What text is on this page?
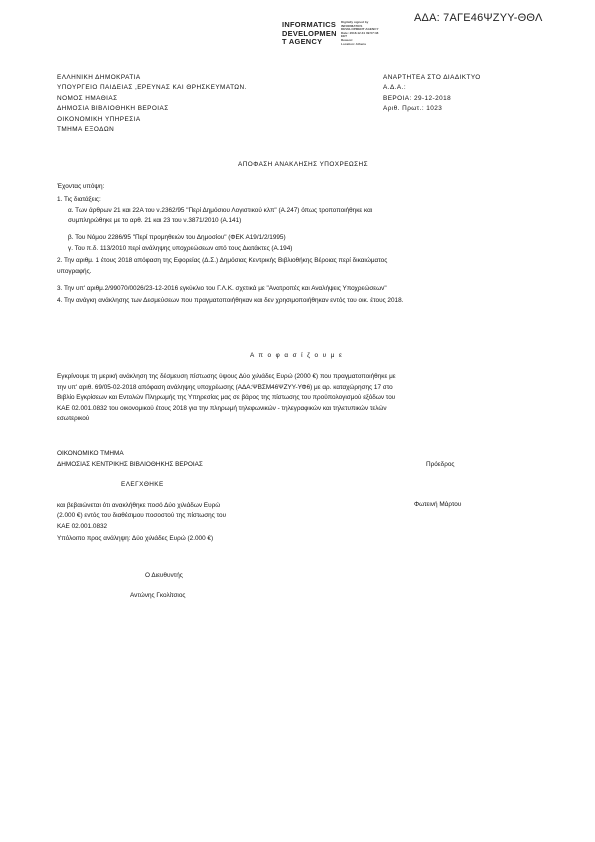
ΑΔΑ: 7ΑΓΕ46ΨΖΥΥ-ΘΘΛ
INFORMATICS
DEVELOPMEN
T AGENCY
Digitally signed by
INFORMATICS
DEVELOPMENT AGENCY
Date: 2018.12.31 09:57:48
EET
Reason:
Location: Athens
ΕΛΛΗΝΙΚΗ ΔΗΜΟΚΡΑΤΙΑ
ΥΠΟΥΡΓΕΙΟ ΠΑΙΔΕΙΑΣ ,ΕΡΕΥΝΑΣ ΚΑΙ ΘΡΗΣΚΕΥΜΑΤΩΝ.
ΝΟΜΟΣ ΗΜΑΘΙΑΣ
ΔΗΜΟΣΙΑ ΒΙΒΛΙΟΘΗΚΗ ΒΕΡΟΙΑΣ
ΟΙΚΟΝΟΜΙΚΗ ΥΠΗΡΕΣΙΑ
ΤΜΗΜΑ ΕΞΟΔΩΝ
ΑΝΑΡΤΗΤΕΑ ΣΤΟ ΔΙΑΔΙΚΤΥΟ
Α.Δ.Α.:
ΒΕΡΟΙΑ: 29-12-2018
Αριθ. Πρωτ.: 1023
ΑΠΟΦΑΣΗ ΑΝΑΚΛΗΣΗΣ ΥΠΟΧΡΕΩΣΗΣ
Έχοντας υπόψη:
1. Τις διατάξεις:
α. Των άρθρων 21 και 22Α του ν.2362/95 "Περί Δημόσιου Λογιστικού κλπ" (Α.247) όπως τροποποιήθηκε και
συμπληρώθηκε με το αρθ. 21 και 23 του ν.3871/2010 (Α.141)
β. Του Νόμου 2286/95 "Περί προμηθειών του Δημοσίου" (ΦΕΚ Α19/1/2/1995)
γ. Του π.δ. 113/2010 περί ανάληψης υποχρεώσεων από τους Διατάκτες (Α.194)
2. Την αριθμ. 1 έτους 2018 απόφαση της Εφορείας (Δ.Σ.) Δημόσιας Κεντρικής Βιβλιοθήκης Βέροιας περί δικαιώματος
υπογραφής.
3. Την υπ' αριθμ.2/99070/0026/23-12-2016 εγκύκλιο του Γ.Λ.Κ. σχετικά με "Ανατροπές και Αναλήψεις Υποχρεώσεων"
4. Την ανάγκη ανάκλησης των Δεσμεύσεων που πραγματοποιήθηκαν και δεν χρησιμοποιήθηκαν εντός του οικ. έτους 2018.
Α π ο φ α σ ί ζ ο υ μ ε
Εγκρίνουμε τη μερική ανάκληση της δέσμευση πίστωσης ύψους Δύο χιλιάδες Ευρώ (2000 €) που πραγματοποιήθηκε με
την υπ' αριθ. 69/05-02-2018 απόφαση ανάληψης υποχρέωσης (ΑΔΑ:ΨΒΣΜ46ΨΖΥΥ-ΥΦ6) με αρ. καταχώρησης 17 στο
Βιβλίο Εγκρίσεων και Εντολών Πληρωμής της Υπηρεσίας μας σε βάρος της πίστωσης του προϋπολογισμού εξόδων του
ΚΑΕ 02.001.0832 του οικονομικού έτους 2018 για την πληρωμή τηλεφωνικών - τηλεγραφικών και τηλετυπικών τελών
εσωτερικού
ΟΙΚΟΝΟΜΙΚΟ ΤΜΗΜΑ
ΔΗΜΟΣΙΑΣ ΚΕΝΤΡΙΚΗΣ ΒΙΒΛΙΟΘΗΚΗΣ ΒΕΡΟΙΑΣ	Πρόεδρος
ΕΛΕΓΧΘΗΚΕ
και βεβαιώνεται ότι ανακλήθηκε ποσό Δύο χιλιάδων Ευρώ
(2.000 €) εντός του διαθέσιμου ποσοστού της πίστωσης του
ΚΑΕ 02.001.0832
Φωτεινή Μάρτου
Υπόλοιπο προς ανάληψη: Δύο χιλιάδες Ευρώ (2.000 €)
Ο Διευθυντής
Αντώνης Γκολίτσιος
